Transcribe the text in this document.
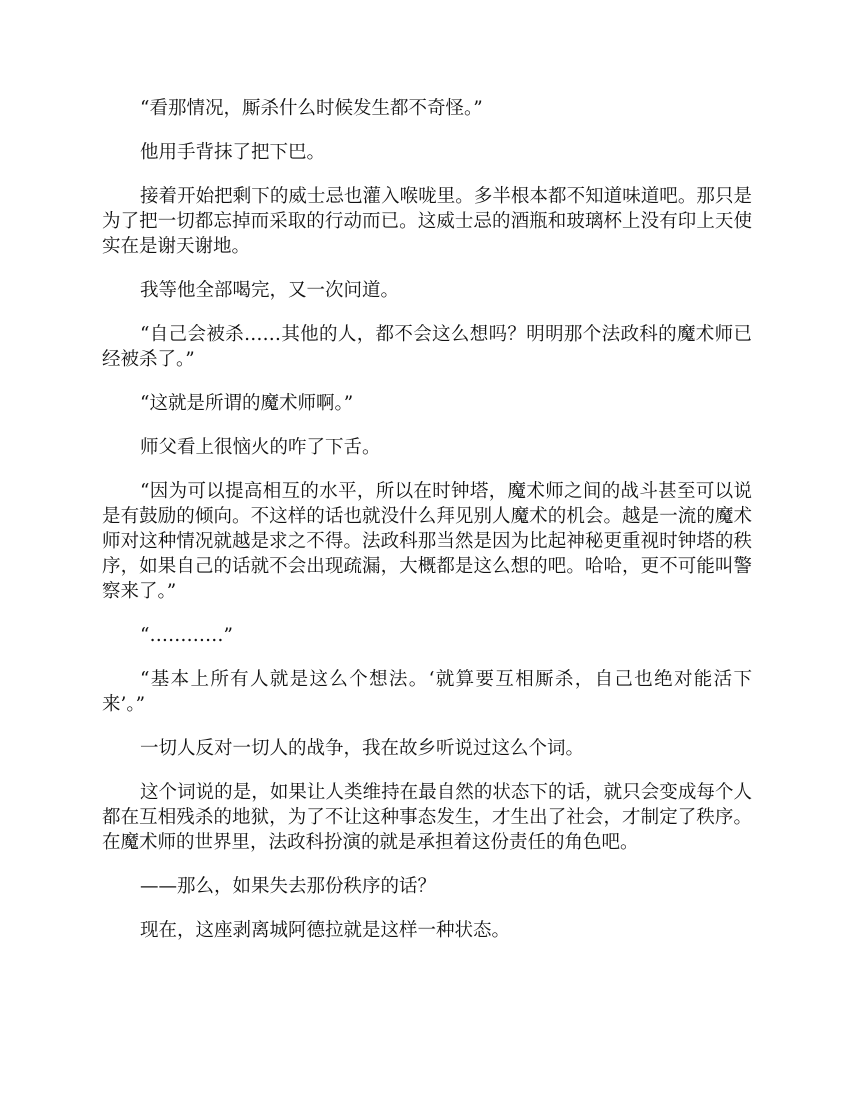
“看那情况，厮杀什么时候发生都不奇怪。”

他用手背抹了把下巴。

接着开始把剩下的威士忌也灌入喉咙里。多半根本都不知道味道吧。那只是为了把一切都忘掉而采取的行动而已。这威士忌的酒瓶和玻璃杯上没有印上天使实在是谢天谢地。

我等他全部喝完，又一次问道。

“自己会被杀……其他的人，都不会这么想吗？明明那个法政科的魔术师已经被杀了。”

“这就是所谓的魔术师啊。”

师父看上很恼火的咋了下舌。

“因为可以提高相互的水平，所以在时钟塔，魔术师之间的战斗甚至可以说是有鼓励的倾向。不这样的话也就没什么拜见别人魔术的机会。越是一流的魔术师对这种情况就越是求之不得。法政科那当然是因为比起神秘更重视时钟塔的秩序，如果自己的话就不会出现疏漏，大概都是这么想的吧。哈哈，更不可能叫警察来了。”

“…………”

“基本上所有人就是这么个想法。‘就算要互相厮杀，自己也绝对能活下来’。”

一切人反对一切人的战争，我在故乡听说过这么个词。

这个词说的是，如果让人类维持在最自然的状态下的话，就只会变成每个人都在互相残杀的地狱，为了不让这种事态发生，才生出了社会，才制定了秩序。在魔术师的世界里，法政科扮演的就是承担着这份责任的角色吧。

——那么，如果失去那份秩序的话？

现在，这座剥离城阿德拉就是这样一种状态。
